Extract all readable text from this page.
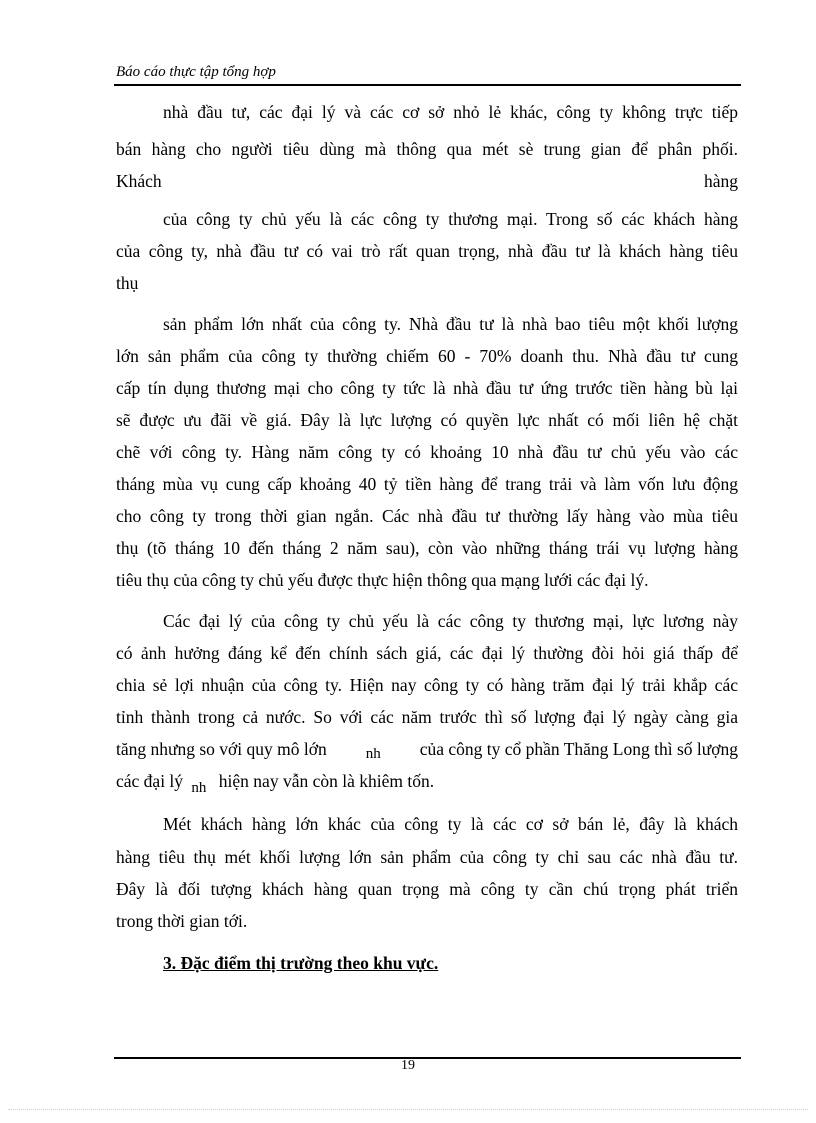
Báo cáo thực tập tổng hợp
nhà đầu tư, các đại lý và các cơ sở nhỏ lẻ khác, công ty không trực tiếp
bán hàng cho người tiêu dùng mà thông qua mét sè trung gian để phân phối.
Khách	hàng
của công ty chủ yếu là các công ty thương mại. Trong số các khách hàng
của công ty, nhà đầu tư có vai trò rất quan trọng, nhà đầu tư là khách hàng tiêu
thụ
sản phẩm lớn nhất của công ty. Nhà đầu tư là nhà bao tiêu một khối lượng
lớn sản phẩm của công ty thường chiếm 60 - 70% doanh thu. Nhà đầu tư cung
cấp tín dụng thương mại cho công ty tức là nhà đầu tư ứng trước tiền hàng bù lại
sẽ được ưu đãi về giá. Đây là lực lượng có quyền lực nhất có mối liên hệ chặt
chẽ với công ty. Hàng năm công ty có khoảng 10 nhà đầu tư chủ yếu vào các
tháng mùa vụ cung cấp khoảng 40 tỷ tiền hàng để trang trải và làm vốn lưu động
cho công ty trong thời gian ngắn. Các nhà đầu tư thường lấy hàng vào mùa tiêu
thụ (tõ tháng 10 đến tháng 2 năm sau), còn vào những tháng trái vụ lượng hàng
tiêu thụ của công ty chủ yếu được thực hiện thông qua mạng lưới các đại lý.
Các đại lý của công ty chủ yếu là các công ty thương mại, lực lương này
có ảnh hưởng đáng kể đến chính sách giá, các đại lý thường đòi hỏi giá thấp để
chia sẻ lợi nhuận của công ty. Hiện nay công ty có hàng trăm đại lý trải khắp các
tỉnh thành trong cả nước. So với các năm trước thì số lượng đại lý ngày càng gia
tăng nhưng so với quy mô lớn	nh của công ty cổ phần Thăng Long thì số lượng
các đại lý nh hiện nay vẫn còn là khiêm tốn.
Mét khách hàng lớn khác của công ty là các cơ sở bán lẻ, đây là khách
hàng tiêu thụ mét khối lượng lớn sản phẩm của công ty chỉ sau các nhà đầu tư.
Đây là đối tượng khách hàng quan trọng mà công ty cần chú trọng phát triển
trong thời gian tới.
3. Đặc điểm thị trường theo khu vực.
19
